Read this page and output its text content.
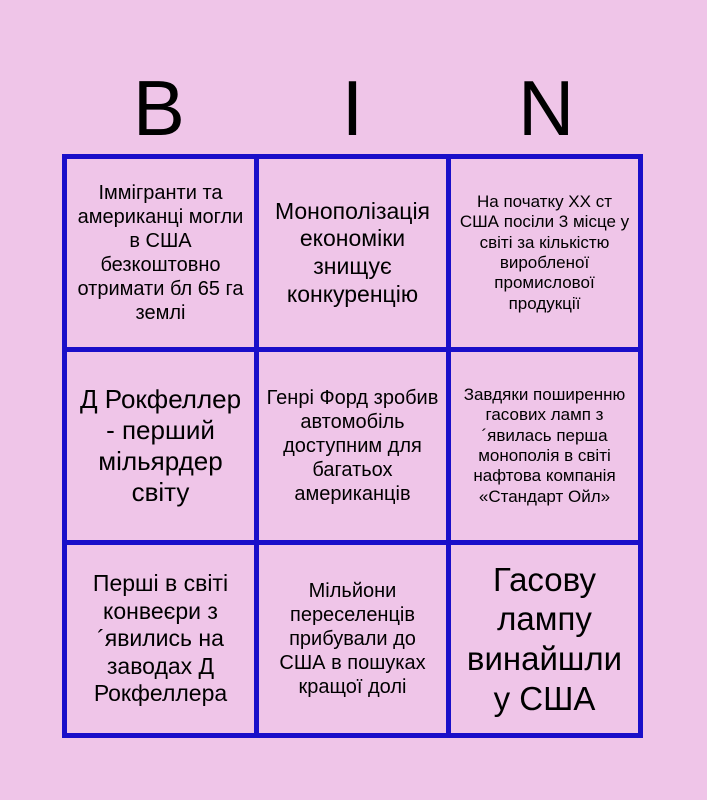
B	I	N
Іммігранти та американці могли в США безкоштовно отримати бл 65 га землі
Монополізація економіки знищує конкуренцію
На початку ХХ ст США посіли 3 місце у світі за кількістю виробленої промислової продукції
Д Рокфеллер - перший мільярдер світу
Генрі Форд зробив автомобіль доступним для багатьох американців
Завдяки поширенню гасових ламп з ´явилась перша монополія в світі нафтова компанія «Стандарт Ойл»
Перші в світі конвеєри з ´явились на заводах Д Рокфеллера
Мільйони переселенців прибували до США в пошуках кращої долі
Гасову лампу винайшли у США
